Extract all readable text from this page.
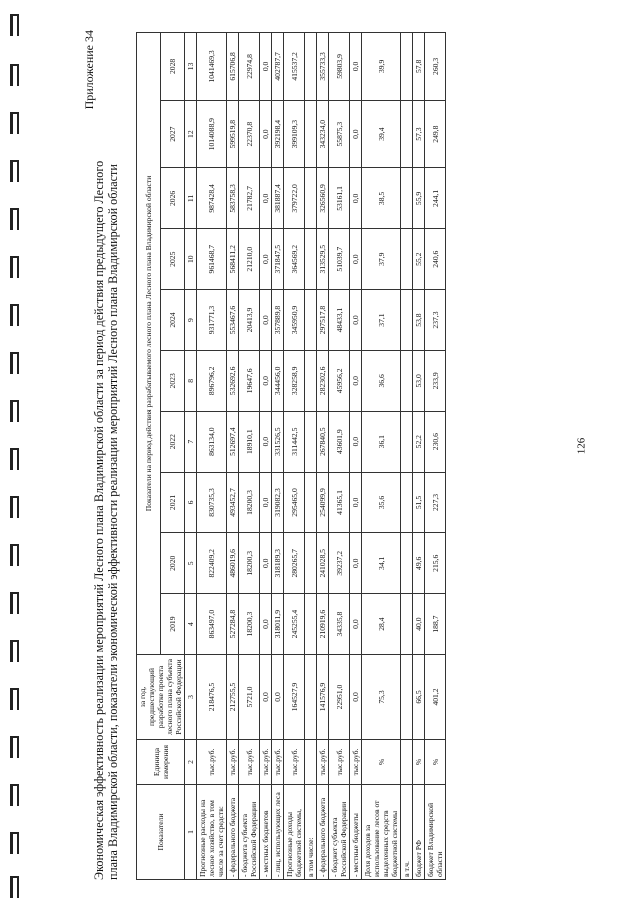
Приложение 34
Экономическая эффективность реализации мероприятий Лесного плана Владимирской области за период действия предыдущего Лесного плана Владимирской области, показатели экономической эффективности реализации мероприятий Лесного плана Владимирской области	Показатели	Единица измерения	за год, предшествующий разработке проекта лесного плана субъекта Российской Федерации	Показатели на период действия разрабатываемого лесного плана Лесного плана Владимирской области									
			2019	2020	2021	2022	2023	2024	2025	2026	2027	2028
1	2	3	4	5	6	7	8	9	10	11	12	13
Прогнозные расходы на лесное хозяйство, в том числе за счет средств:	тыс.руб.	218476,5	863497,0	822409,2	830735,3	863134,0	896796,2	931771,3	961468,7	987428,4	1014088,9	1041469,3
- федерального бюджета	тыс.руб.	212755,5	527284,8	486019,6	493452,7	512697,4	532692,6	553467,6	568411,2	583758,3	599519,8	615706,8
- бюджета субъекта Российской Федерации	тыс.руб.	5721,0	18200,3	18200,3	18200,3	18910,1	19647,6	20413,9	21210,0	21782,7	22370,8	22974,8
- местных бюджетов	тыс.руб.	0,0	0,0	0,0	0,0	0,0	0,0	0,0	0,0	0,0	0,0	0,0
- лиц, использующих леса	тыс.руб.	0,0	318011,9	318189,3	319082,3	331526,5	344456,0	357889,8	371847,5	381887,4	392198,4	402787,7
Прогнозные доходы бюджетной системы,	тыс.руб.	164527,9	245255,4	280265,7	295465,0	311442,5	328258,9	345950,9	364569,2	379722,0	399109,3	415537,2
в том числе:												
- федерального бюджета	тыс.руб.	141576,9	210919,6	241028,5	254099,9	267840,5	282302,6	297517,8	313529,5	326560,9	343234,0	355733,3
- бюджет субъекта Российской Федерации	тыс.руб.	22951,0	34335,8	39237,2	41365,1	43601,9	45956,2	48433,1	51039,7	53161,1	55875,3	59803,9
- местные бюджеты	тыс.руб.	0,0	0,0	0,0	0,0	0,0	0,0	0,0	0,0	0,0	0,0	0,0
Доля доходов за использование лесов от выделенных средств бюджетной системы	%	75,3	28,4	34,1	35,6	36,1	36,6	37,1	37,9	38,5	39,4	39,9
в т.ч.												
бюджет РФ	%	66,5	40,0	49,6	51,5	52,2	53,0	53,8	55,2	55,9	57,3	57,8
бюджет Владимирской области	%	401,2	188,7	215,6	227,3	230,6	233,9	237,3	240,6	244,1	249,8	260,3
126
